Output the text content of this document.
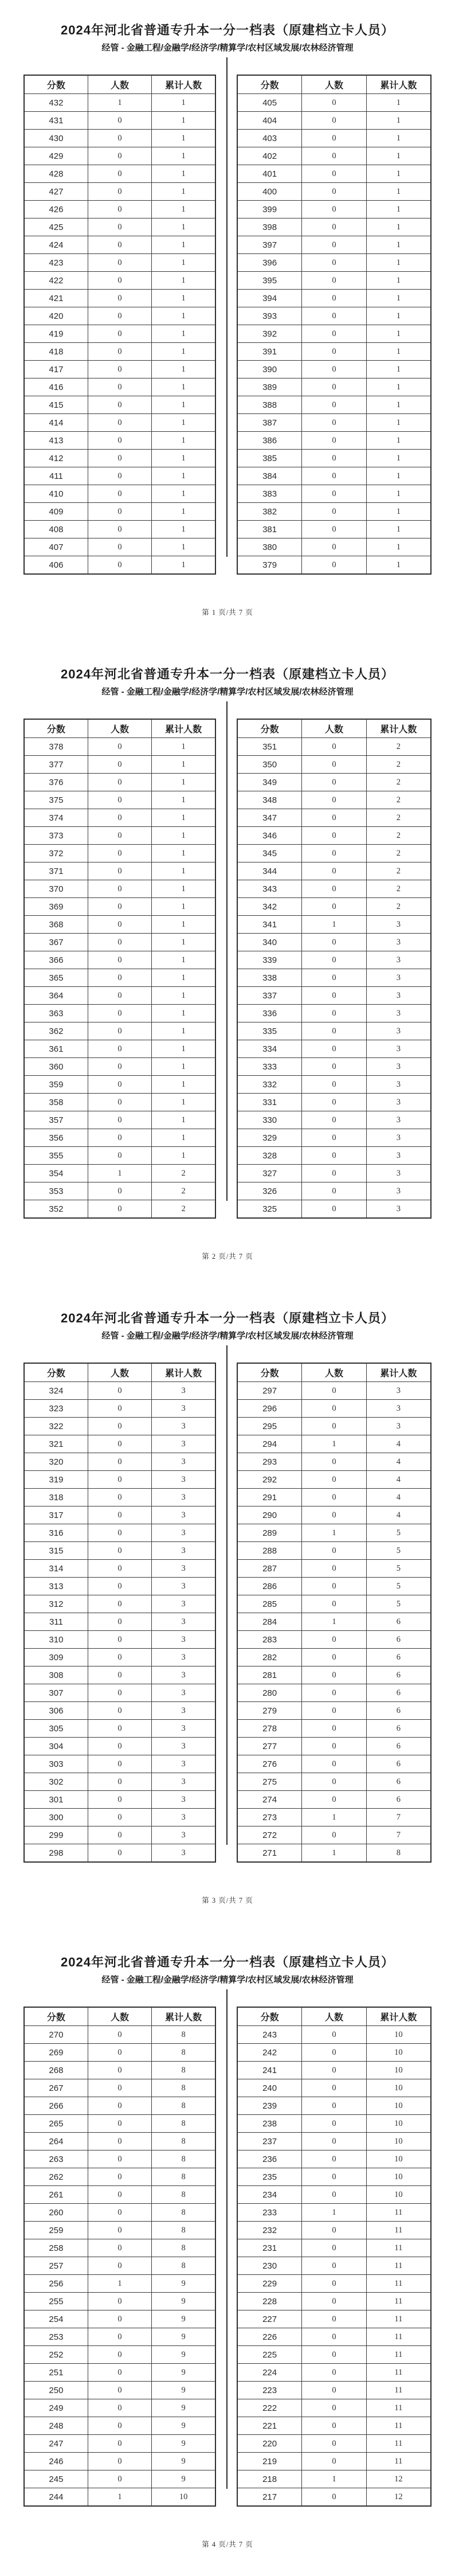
2024年河北省普通专升本一分一档表（原建档立卡人员）
经管 - 金融工程/金融学/经济学/精算学/农村区域发展/农林经济管理
分数	人数	累计人数
432	1	1
431	0	1
430	0	1
429	0	1
428	0	1
427	0	1
426	0	1
425	0	1
424	0	1
423	0	1
422	0	1
421	0	1
420	0	1
419	0	1
418	0	1
417	0	1
416	0	1
415	0	1
414	0	1
413	0	1
412	0	1
411	0	1
410	0	1
409	0	1
408	0	1
407	0	1
406	0	1
分数	人数	累计人数
405	0	1
404	0	1
403	0	1
402	0	1
401	0	1
400	0	1
399	0	1
398	0	1
397	0	1
396	0	1
395	0	1
394	0	1
393	0	1
392	0	1
391	0	1
390	0	1
389	0	1
388	0	1
387	0	1
386	0	1
385	0	1
384	0	1
383	0	1
382	0	1
381	0	1
380	0	1
379	0	1
第 1 页/共 7 页
2024年河北省普通专升本一分一档表（原建档立卡人员）
经管 - 金融工程/金融学/经济学/精算学/农村区域发展/农林经济管理
分数	人数	累计人数
378	0	1
377	0	1
376	0	1
375	0	1
374	0	1
373	0	1
372	0	1
371	0	1
370	0	1
369	0	1
368	0	1
367	0	1
366	0	1
365	0	1
364	0	1
363	0	1
362	0	1
361	0	1
360	0	1
359	0	1
358	0	1
357	0	1
356	0	1
355	0	1
354	1	2
353	0	2
352	0	2
分数	人数	累计人数
351	0	2
350	0	2
349	0	2
348	0	2
347	0	2
346	0	2
345	0	2
344	0	2
343	0	2
342	0	2
341	1	3
340	0	3
339	0	3
338	0	3
337	0	3
336	0	3
335	0	3
334	0	3
333	0	3
332	0	3
331	0	3
330	0	3
329	0	3
328	0	3
327	0	3
326	0	3
325	0	3
第 2 页/共 7 页
2024年河北省普通专升本一分一档表（原建档立卡人员）
经管 - 金融工程/金融学/经济学/精算学/农村区域发展/农林经济管理
分数	人数	累计人数
324	0	3
323	0	3
322	0	3
321	0	3
320	0	3
319	0	3
318	0	3
317	0	3
316	0	3
315	0	3
314	0	3
313	0	3
312	0	3
311	0	3
310	0	3
309	0	3
308	0	3
307	0	3
306	0	3
305	0	3
304	0	3
303	0	3
302	0	3
301	0	3
300	0	3
299	0	3
298	0	3
分数	人数	累计人数
297	0	3
296	0	3
295	0	3
294	1	4
293	0	4
292	0	4
291	0	4
290	0	4
289	1	5
288	0	5
287	0	5
286	0	5
285	0	5
284	1	6
283	0	6
282	0	6
281	0	6
280	0	6
279	0	6
278	0	6
277	0	6
276	0	6
275	0	6
274	0	6
273	1	7
272	0	7
271	1	8
第 3 页/共 7 页
2024年河北省普通专升本一分一档表（原建档立卡人员）
经管 - 金融工程/金融学/经济学/精算学/农村区域发展/农林经济管理
分数	人数	累计人数
270	0	8
269	0	8
268	0	8
267	0	8
266	0	8
265	0	8
264	0	8
263	0	8
262	0	8
261	0	8
260	0	8
259	0	8
258	0	8
257	0	8
256	1	9
255	0	9
254	0	9
253	0	9
252	0	9
251	0	9
250	0	9
249	0	9
248	0	9
247	0	9
246	0	9
245	0	9
244	1	10
分数	人数	累计人数
243	0	10
242	0	10
241	0	10
240	0	10
239	0	10
238	0	10
237	0	10
236	0	10
235	0	10
234	0	10
233	1	11
232	0	11
231	0	11
230	0	11
229	0	11
228	0	11
227	0	11
226	0	11
225	0	11
224	0	11
223	0	11
222	0	11
221	0	11
220	0	11
219	0	11
218	1	12
217	0	12
第 4 页/共 7 页
